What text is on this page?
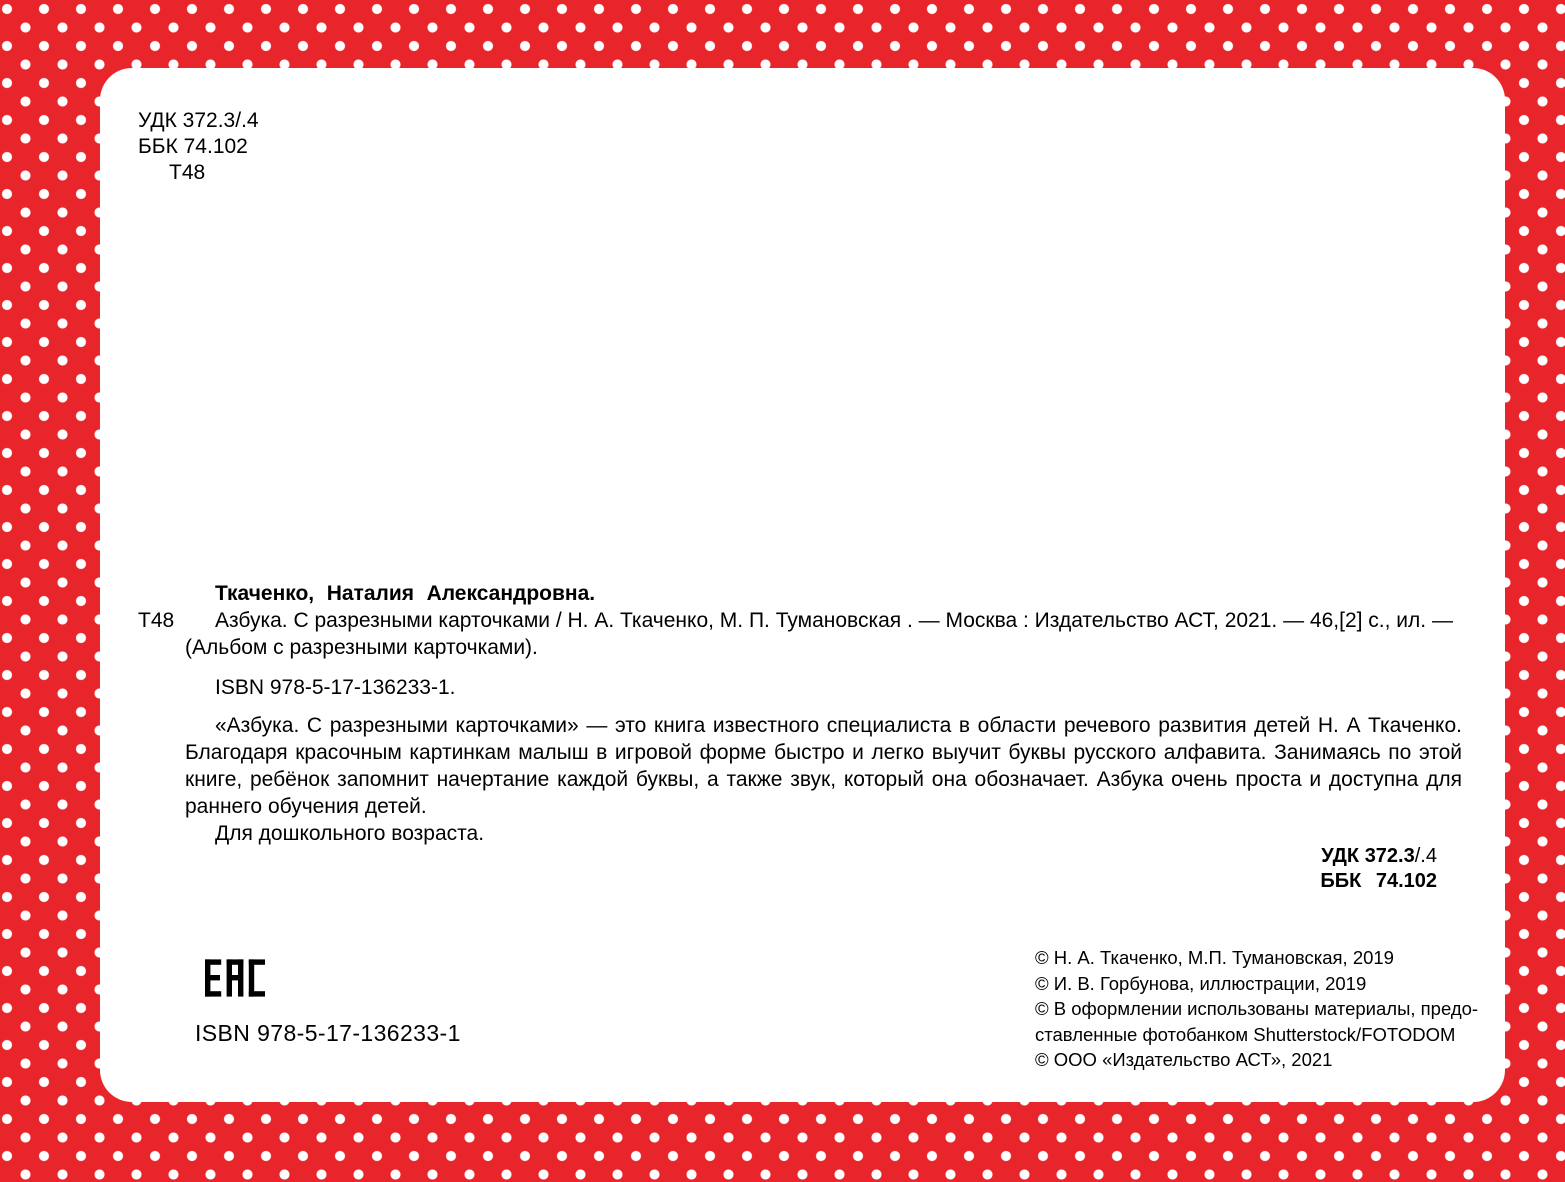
УДК 372.3/.4
ББК 74.102
Т48

Ткаченко, Наталия Александровна.

Т48	Азбука. С разрезными карточками / Н. А. Ткаченко, М. П. Тумановская . — Москва : Издательство АСТ, 2021. — 46,[2] с., ил. — (Альбом с разрезными карточками).

ISBN 978-5-17-136233-1.

«Азбука. С разрезными карточками» — это книга известного специалиста в области речевого развития детей Н. А Ткаченко. Благодаря красочным картинкам малыш в игровой форме быстро и легко выучит буквы русского алфавита. Занимаясь по этой книге, ребёнок запомнит начертание каждой буквы, а также звук, который она обозначает. Азбука очень проста и доступна для раннего обучения детей.

Для дошкольного возраста.

УДК 372.3/.4
ББК 74.102
ISBN 978-5-17-136233-1
© Н. А. Ткаченко, М.П. Тумановская, 2019
© И. В. Горбунова, иллюстрации, 2019
© В оформлении использованы материалы, предо-
ставленные фотобанком Shutterstock/FOTODOM
© ООО «Издательство АСТ», 2021
